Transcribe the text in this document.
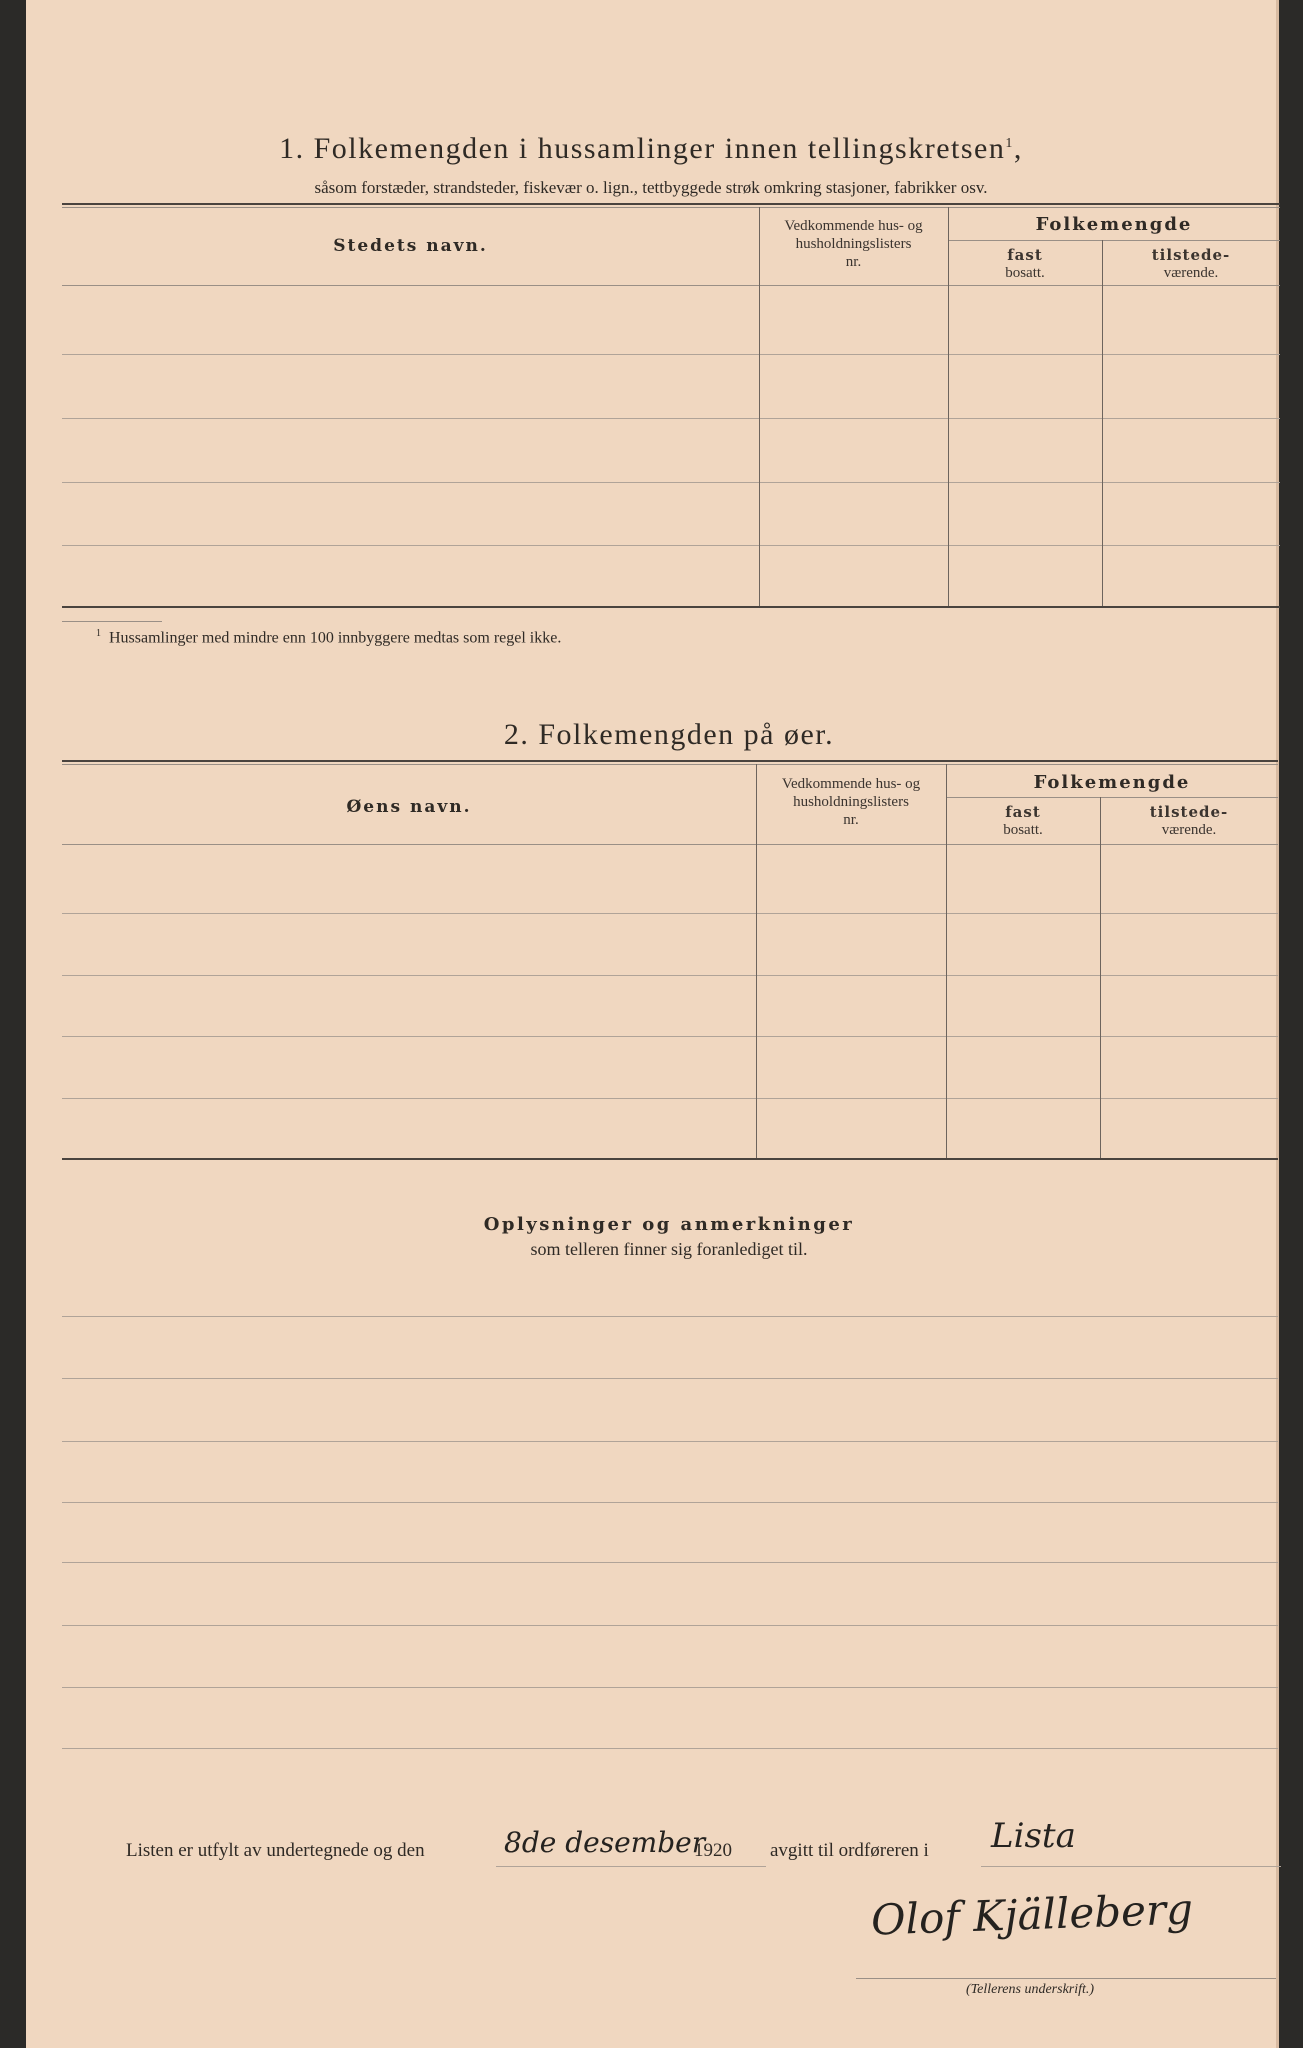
1. Folkemengden i hussamlinger innen tellingskretsen$^1$,
såsom forstæder, strandsteder, fiskevær o. lign., tettbyggede strøk omkring stasjoner, fabrikker osv.
Stedets navn.
Vedkommende hus- og
husholdningslisters
nr.
Folkemengde
fast
bosatt.
tilstede-
værende.
$^1$ Hussamlinger med mindre enn 100 innbyggere medtas som regel ikke.
2. Folkemengden på øer.
Øens navn.
Vedkommende hus- og
husholdningslisters
nr.
Folkemengde
fast
bosatt.
tilstede-
værende.
Oplysninger og anmerkninger
som telleren finner sig foranlediget til.
Listen er utfylt av undertegnede og den	8de desember
1920 avgitt til ordføreren i Lista
Olof Kjälleberg
(Tellerens underskrift.)
